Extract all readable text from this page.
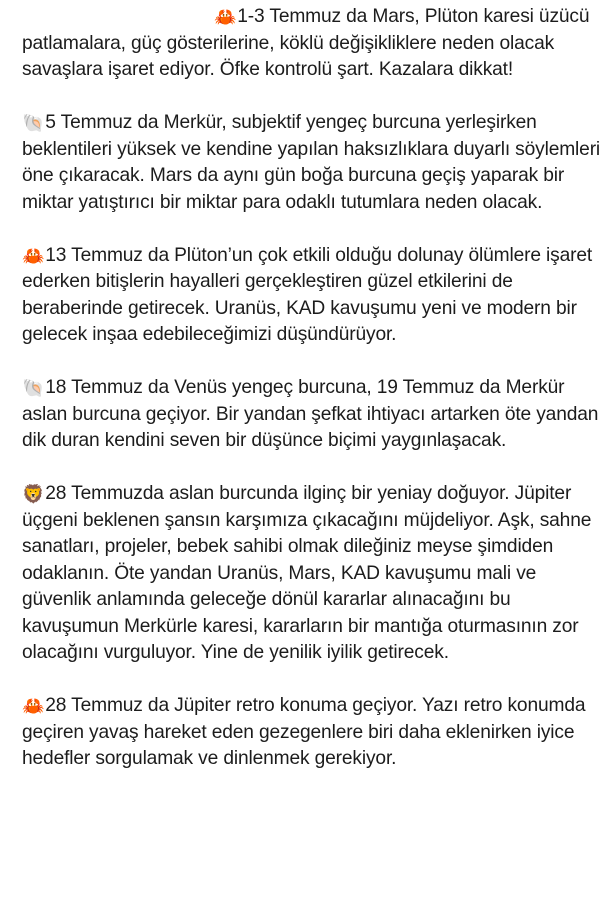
🦀1-3 Temmuz da Mars, Plüton karesi üzücü patlamalara, güç gösterilerine, köklü değişikliklere neden olacak savaşlara işaret ediyor. Öfke kontrolü şart. Kazalara dikkat!

🐚5 Temmuz da Merkür, subjektif yengeç burcuna yerleşirken beklentileri yüksek ve kendine yapılan haksızlıklara duyarlı söylemleri öne çıkaracak. Mars da aynı gün boğa burcuna geçiş yaparak bir miktar yatıştırıcı bir miktar para odaklı tutumlara neden olacak.

🦀13 Temmuz da Plüton’un çok etkili olduğu dolunay ölümlere işaret ederken bitişlerin hayalleri gerçekleştiren güzel etkilerini de beraberinde getirecek. Uranüs, KAD kavuşumu yeni ve modern bir gelecek inşaa edebileceğimizi düşündürüyor.

🐚18 Temmuz da Venüs yengeç burcuna, 19 Temmuz da Merkür aslan burcuna geçiyor. Bir yandan şefkat ihtiyacı artarken öte yandan dik duran kendini seven bir düşünce biçimi yaygınlaşacak.

🦁28 Temmuzda aslan burcunda ilginç bir yeniay doğuyor. Jüpiter üçgeni beklenen şansın karşımıza çıkacağını müjdeliyor. Aşk, sahne sanatları, projeler, bebek sahibi olmak dileğiniz meyse şimdiden odaklanın. Öte yandan Uranüs, Mars, KAD kavuşumu mali ve güvenlik anlamında geleceğe dönül kararlar alınacağını bu kavuşumun Merkürle karesi, kararların bir mantığa oturmasının zor olacağını vurguluyor. Yine de yenilik iyilik getirecek.

🦀28 Temmuz da Jüpiter retro konuma geçiyor. Yazı retro konumda geçiren yavaş hareket eden gezegenlere biri daha eklenirken iyice hedefler sorgulamak ve dinlenmek gerekiyor.
